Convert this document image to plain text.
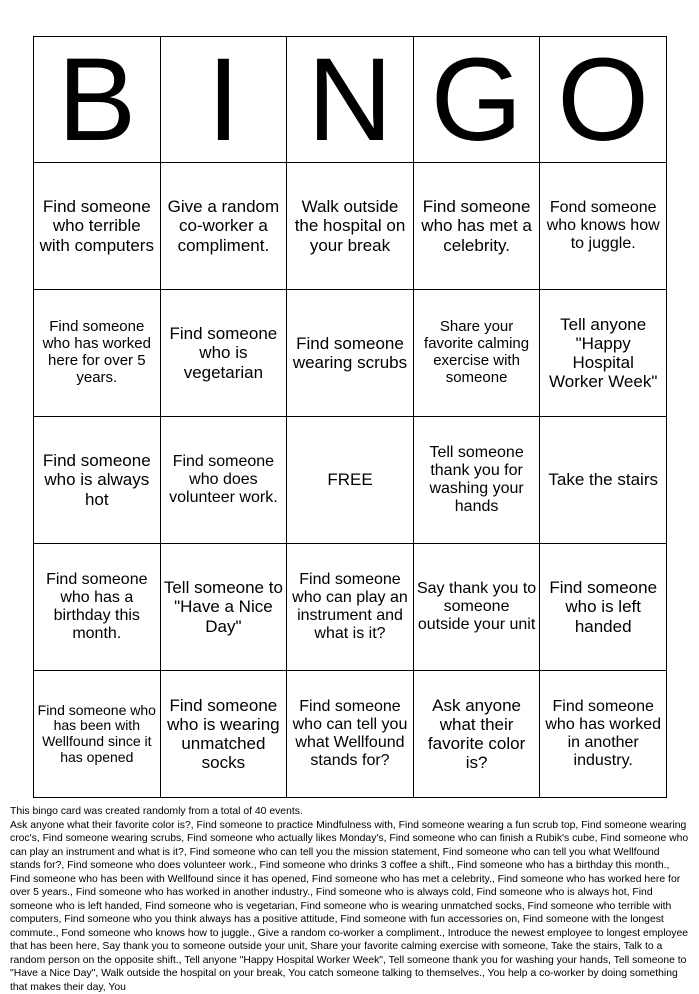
B	I	N	G	O
Find someone who terrible with computers	Give a random co-worker a compliment.	Walk outside the hospital on your break	Find someone who has met a celebrity.	Fond someone who knows how to juggle.
Find someone who has worked here for over 5 years.	Find someone who is vegetarian	Find someone wearing scrubs	Share your favorite calming exercise with someone	Tell anyone "Happy Hospital Worker Week"
Find someone who is always hot	Find someone who does volunteer work.	FREE	Tell someone thank you for washing your hands	Take the stairs
Find someone who has a birthday this month.	Tell someone to "Have a Nice Day"	Find someone who can play an instrument and what is it?	Say thank you to someone outside your unit	Find someone who is left handed
Find someone who has been with Wellfound since it has opened	Find someone who is wearing unmatched socks	Find someone who can tell you what Wellfound stands for?	Ask anyone what their favorite color is?	Find someone who has worked in another industry.

This bingo card was created randomly from a total of 40 events.

Ask anyone what their favorite color is?, Find someone to practice Mindfulness with, Find someone wearing a fun scrub top, Find someone wearing croc's, Find someone wearing scrubs, Find someone who actually likes Monday's, Find someone who can finish a Rubik's cube, Find someone who can play an instrument and what is it?, Find someone who can tell you the mission statement, Find someone who can tell you what Wellfound stands for?, Find someone who does volunteer work., Find someone who drinks 3 coffee a shift., Find someone who has a birthday this month., Find someone who has been with Wellfound since it has opened, Find someone who has met a celebrity., Find someone who has worked here for over 5 years., Find someone who has worked in another industry., Find someone who is always cold, Find someone who is always hot, Find someone who is left handed, Find someone who is vegetarian, Find someone who is wearing unmatched socks, Find someone who terrible with computers, Find someone who you think always has a positive attitude, Find someone with fun accessories on, Find someone with the longest commute., Fond someone who knows how to juggle., Give a random co-worker a compliment., Introduce the newest employee to longest employee that has been here, Say thank you to someone outside your unit, Share your favorite calming exercise with someone, Take the stairs, Talk to a random person on the opposite shift., Tell anyone "Happy Hospital Worker Week", Tell someone thank you for washing your hands, Tell someone to "Have a Nice Day", Walk outside the hospital on your break, You catch someone talking to themselves., You help a co-worker by doing something that makes their day, You
